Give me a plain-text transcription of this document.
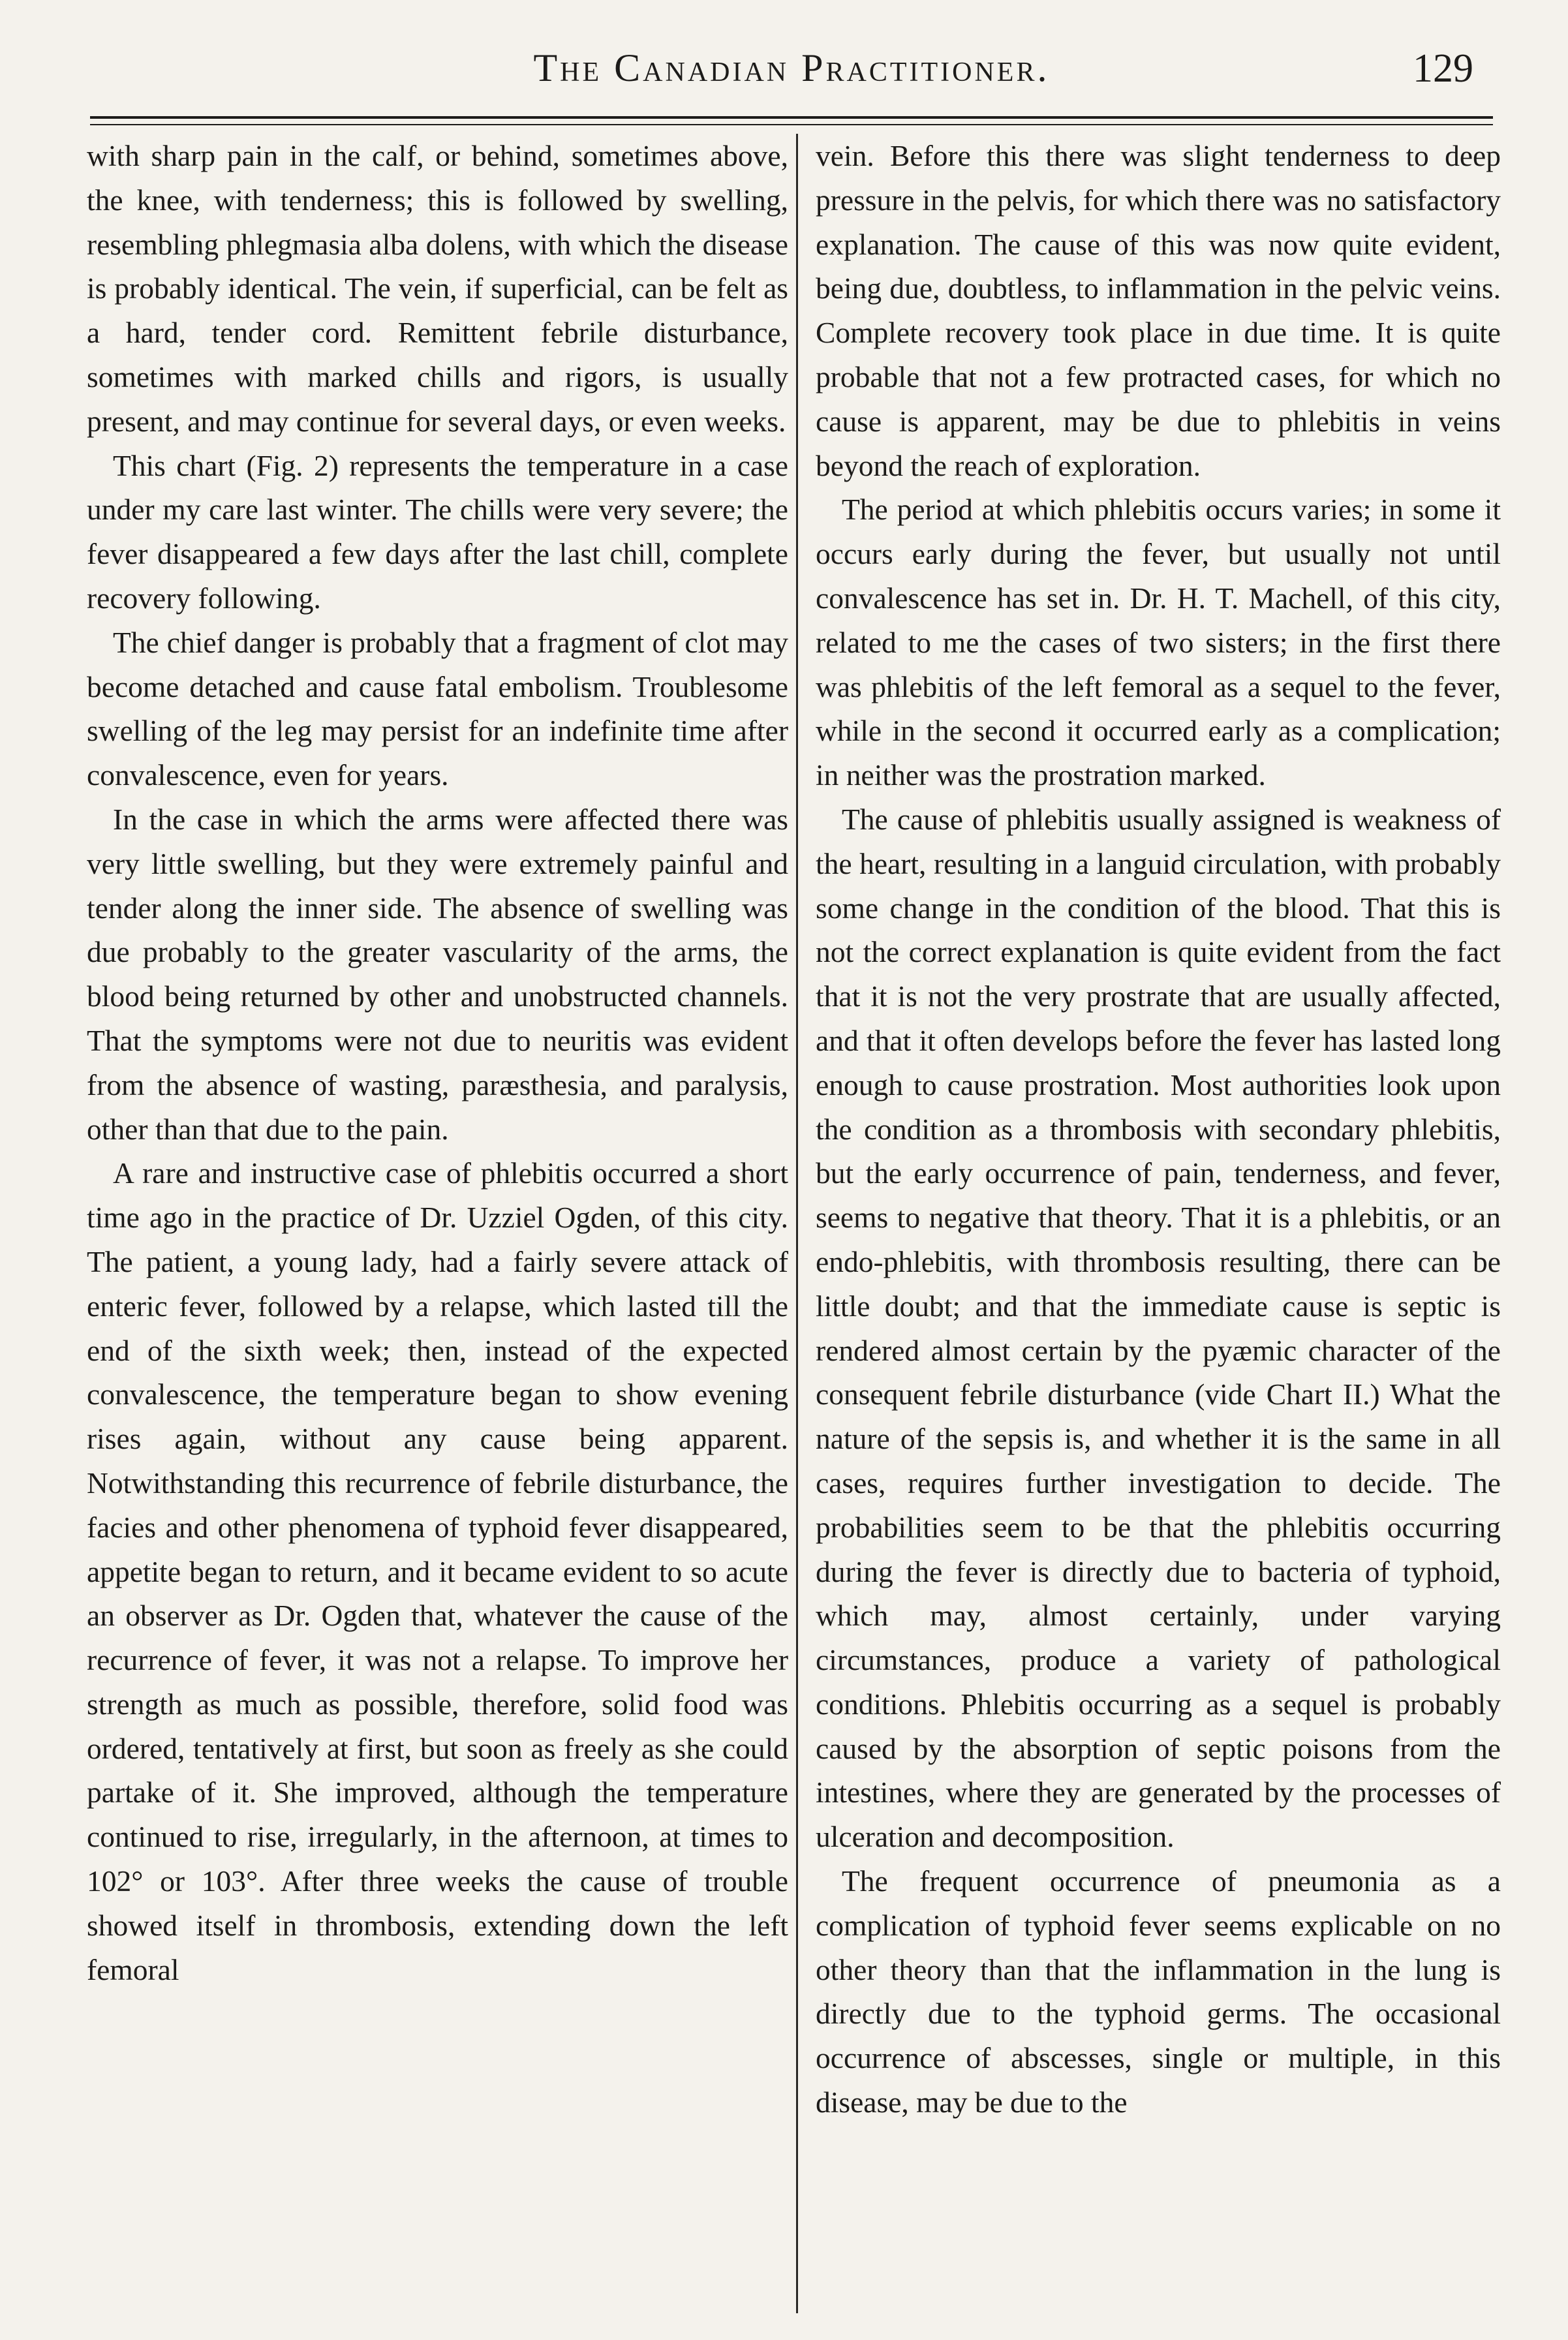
The Canadian Practitioner.	129

with sharp pain in the calf, or behind, sometimes above, the knee, with tenderness; this is followed by swelling, resembling phlegmasia alba dolens, with which the disease is probably identical. The vein, if superficial, can be felt as a hard, tender cord. Remittent febrile disturbance, sometimes with marked chills and rigors, is usually present, and may continue for several days, or even weeks.

This chart (Fig. 2) represents the temperature in a case under my care last winter. The chills were very severe; the fever disappeared a few days after the last chill, complete recovery following.

The chief danger is probably that a fragment of clot may become detached and cause fatal embolism. Troublesome swelling of the leg may persist for an indefinite time after convalescence, even for years.

In the case in which the arms were affected there was very little swelling, but they were extremely painful and tender along the inner side. The absence of swelling was due probably to the greater vascularity of the arms, the blood being returned by other and unobstructed channels. That the symptoms were not due to neuritis was evident from the absence of wasting, paræsthesia, and paralysis, other than that due to the pain.

A rare and instructive case of phlebitis occurred a short time ago in the practice of Dr. Uzziel Ogden, of this city. The patient, a young lady, had a fairly severe attack of enteric fever, followed by a relapse, which lasted till the end of the sixth week; then, instead of the expected convalescence, the temperature began to show evening rises again, without any cause being apparent. Notwithstanding this recurrence of febrile disturbance, the facies and other phenomena of typhoid fever disappeared, appetite began to return, and it became evident to so acute an observer as Dr. Ogden that, whatever the cause of the recurrence of fever, it was not a relapse. To improve her strength as much as possible, therefore, solid food was ordered, tentatively at first, but soon as freely as she could partake of it. She improved, although the temperature continued to rise, irregularly, in the afternoon, at times to 102° or 103°. After three weeks the cause of trouble showed itself in thrombosis, extending down the left femoral

vein. Before this there was slight tenderness to deep pressure in the pelvis, for which there was no satisfactory explanation. The cause of this was now quite evident, being due, doubtless, to inflammation in the pelvic veins. Complete recovery took place in due time. It is quite probable that not a few protracted cases, for which no cause is apparent, may be due to phlebitis in veins beyond the reach of exploration.

The period at which phlebitis occurs varies; in some it occurs early during the fever, but usually not until convalescence has set in. Dr. H. T. Machell, of this city, related to me the cases of two sisters; in the first there was phlebitis of the left femoral as a sequel to the fever, while in the second it occurred early as a complication; in neither was the prostration marked.

The cause of phlebitis usually assigned is weakness of the heart, resulting in a languid circulation, with probably some change in the condition of the blood. That this is not the correct explanation is quite evident from the fact that it is not the very prostrate that are usually affected, and that it often develops before the fever has lasted long enough to cause prostration. Most authorities look upon the condition as a thrombosis with secondary phlebitis, but the early occurrence of pain, tenderness, and fever, seems to negative that theory. That it is a phlebitis, or an endo-phlebitis, with thrombosis resulting, there can be little doubt; and that the immediate cause is septic is rendered almost certain by the pyæmic character of the consequent febrile disturbance (vide Chart II.) What the nature of the sepsis is, and whether it is the same in all cases, requires further investigation to decide. The probabilities seem to be that the phlebitis occurring during the fever is directly due to bacteria of typhoid, which may, almost certainly, under varying circumstances, produce a variety of pathological conditions. Phlebitis occurring as a sequel is probably caused by the absorption of septic poisons from the intestines, where they are generated by the processes of ulceration and decomposition.

The frequent occurrence of pneumonia as a complication of typhoid fever seems explicable on no other theory than that the inflammation in the lung is directly due to the typhoid germs. The occasional occurrence of abscesses, single or multiple, in this disease, may be due to the
